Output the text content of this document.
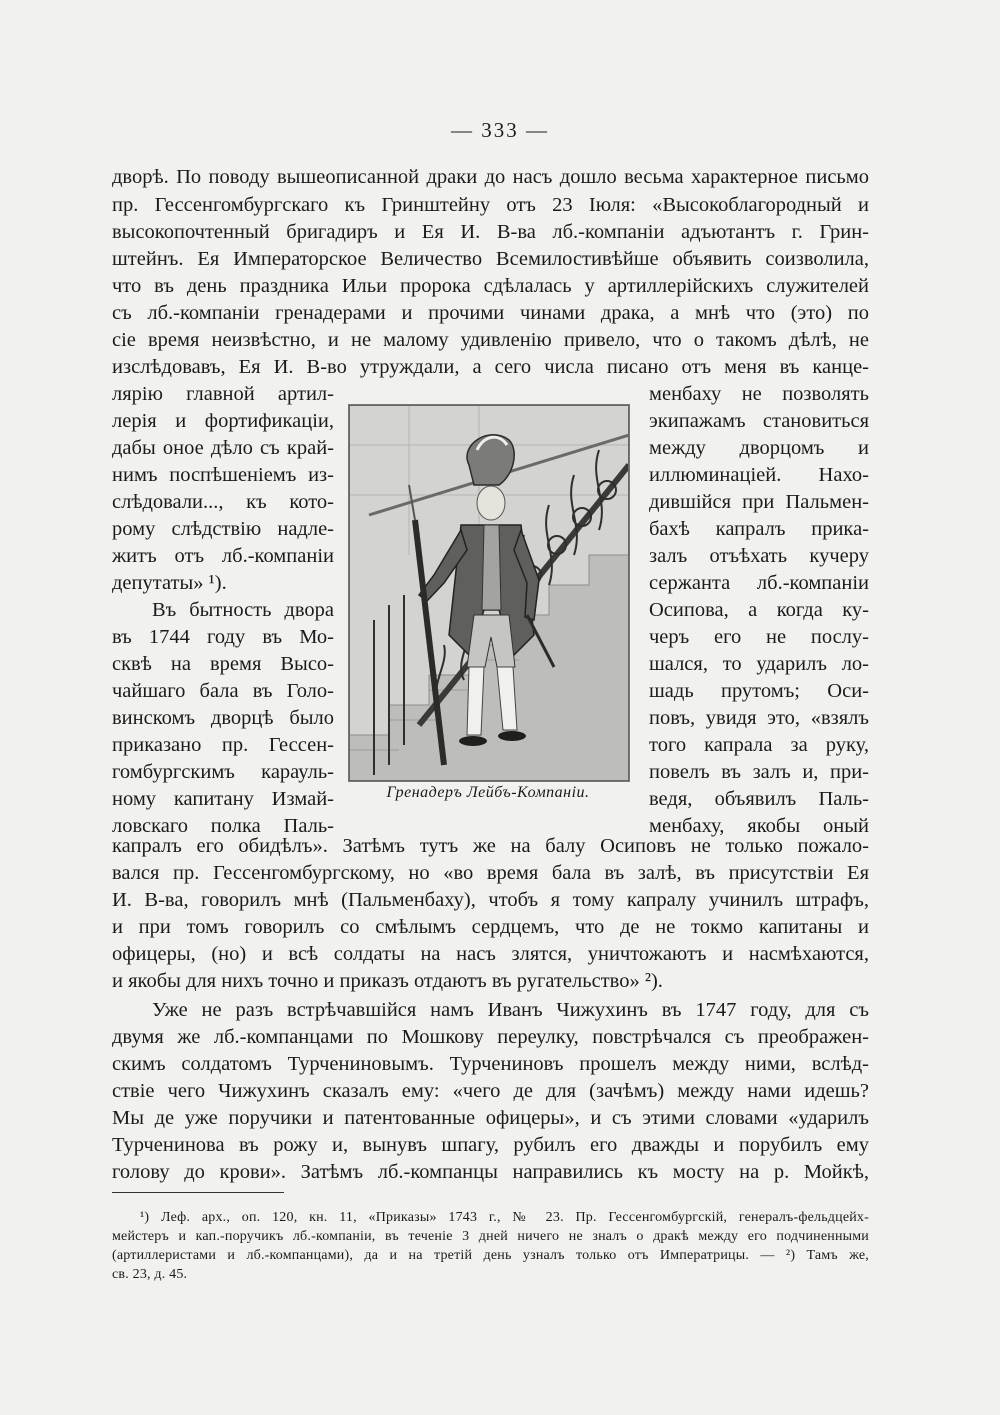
— 333 —
дворѣ. По поводу вышеописанной драки до насъ дошло весьма характерное письмо
пр. Гессенгомбургскаго къ Гринштейну отъ 23 Іюля: «Высокоблагородный и
высокопочтенный бригадиръ и Ея И. В-ва лб.-компаніи адъютантъ г. Грин-
штейнъ. Ея Императорское Величество Всемилостивѣйше объявить соизволила,
что въ день праздника Ильи пророка сдѣлалась у артиллерійскихъ служителей
съ лб.-компаніи гренадерами и прочими чинами драка, а мнѣ что (это) по
сіе время неизвѣстно, и не малому удивленію привело, что о такомъ дѣлѣ, не
изслѣдовавъ, Ея И. В-во утруждали, а сего числа писано отъ меня въ канце-
лярію главной артил-
лерія и фортификаціи,
дабы оное дѣло съ край-
нимъ поспѣшеніемъ из-
слѣдовали..., къ кото-
рому слѣдствію надле-
житъ отъ лб.-компаніи
депутаты» ¹).
Въ бытность двора
въ 1744 году въ Мо-
сквѣ на время Высо-
чайшаго бала въ Голо-
винскомъ дворцѣ было
приказано пр. Гессен-
гомбургскимъ карауль-
ному капитану Измай-
ловскаго полка Паль-
менбаху не позволять
экипажамъ становиться
между дворцомъ и
иллюминаціей. Нахо-
дившійся при Пальмен-
бахѣ капралъ прика-
залъ отъѣхать кучеру
сержанта лб.-компаніи
Осипова, а когда ку-
черъ его не послу-
шался, то ударилъ ло-
шадь прутомъ; Оси-
повъ, увидя это, «взялъ
того капрала за руку,
повелъ въ залъ и, при-
ведя, объявилъ Паль-
менбаху, якобы оный
Гренадеръ Лейбъ-Компаніи.
капралъ его обидѣлъ». Затѣмъ тутъ же на балу Осиповъ не только пожало-
вался пр. Гессенгомбургскому, но «во время бала въ залѣ, въ присутствіи Ея
И. В-ва, говорилъ мнѣ (Пальменбаху), чтобъ я тому капралу учинилъ штрафъ,
и при томъ говорилъ со смѣлымъ сердцемъ, что де не токмо капитаны и
офицеры, (но) и всѣ солдаты на насъ злятся, уничтожаютъ и насмѣхаются,
и якобы для нихъ точно и приказъ отдаютъ въ ругательство» ²).
Уже не разъ встрѣчавшійся намъ Иванъ Чижухинъ въ 1747 году, для съ
двумя же лб.-компанцами по Мошкову переулку, повстрѣчался съ преображен-
скимъ солдатомъ Турчениновымъ. Турчениновъ прошелъ между ними, вслѣд-
ствіе чего Чижухинъ сказалъ ему: «чего де для (зачѣмъ) между нами идешь?
Мы де уже поручики и патентованные офицеры», и съ этими словами «ударилъ
Турченинова въ рожу и, вынувъ шпагу, рубилъ его дважды и порубилъ ему
голову до крови». Затѣмъ лб.-компанцы направились къ мосту на р. Мойкѣ,
¹) Леф. арх., оп. 120, кн. 11, «Приказы» 1743 г., № 23. Пр. Гессенгомбургскій, генералъ-фельдцейх-
мейстеръ и кап.-поручикъ лб.-компаніи, въ теченіе 3 дней ничего не зналъ о дракѣ между его подчиненными
(артиллеристами и лб.-компанцами), да и на третій день узналъ только отъ Императрицы. — ²) Тамъ же,
св. 23, д. 45.
